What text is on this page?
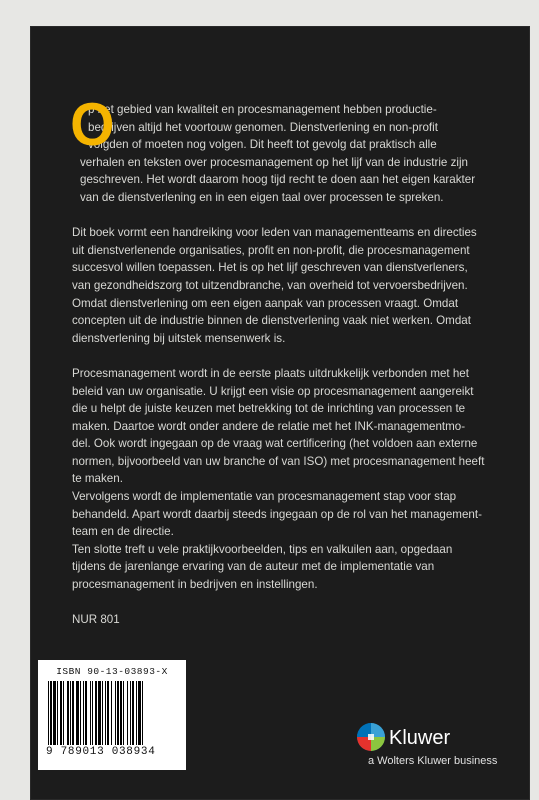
O
p het gebied van kwaliteit en procesmanagement hebben productie-
bedrijven altijd het voortouw genomen. Dienstverlening en non-profit
volgden of moeten nog volgen. Dit heeft tot gevolg dat praktisch alle
verhalen en teksten over procesmanagement op het lijf van de industrie zijn
geschreven. Het wordt daarom hoog tijd recht te doen aan het eigen karakter
van de dienstverlening en in een eigen taal over processen te spreken.

Dit boek vormt een handreiking voor leden van managementteams en directies
uit dienstverlenende organisaties, profit en non-profit, die procesmanagement
succesvol willen toepassen. Het is op het lijf geschreven van dienstverleners,
van gezondheidszorg tot uitzendbranche, van overheid tot vervoersbedrijven.
Omdat dienstverlening om een eigen aanpak van processen vraagt. Omdat
concepten uit de industrie binnen de dienstverlening vaak niet werken. Omdat
dienstverlening bij uitstek mensenwerk is.

Procesmanagement wordt in de eerste plaats uitdrukkelijk verbonden met het
beleid van uw organisatie. U krijgt een visie op procesmanagement aangereikt
die u helpt de juiste keuzen met betrekking tot de inrichting van processen te
maken. Daartoe wordt onder andere de relatie met het INK-managementmo-
del. Ook wordt ingegaan op de vraag wat certificering (het voldoen aan externe
normen, bijvoorbeeld van uw branche of van ISO) met procesmanagement heeft
te maken.
Vervolgens wordt de implementatie van procesmanagement stap voor stap
behandeld. Apart wordt daarbij steeds ingegaan op de rol van het management-
team en de directie.
Ten slotte treft u vele praktijkvoorbeelden, tips en valkuilen aan, opgedaan
tijdens de jarenlange ervaring van de auteur met de implementatie van
procesmanagement in bedrijven en instellingen.

NUR 801

ISBN 90-13-03893-X
9 789013 038934
Kluwer
a Wolters Kluwer business
